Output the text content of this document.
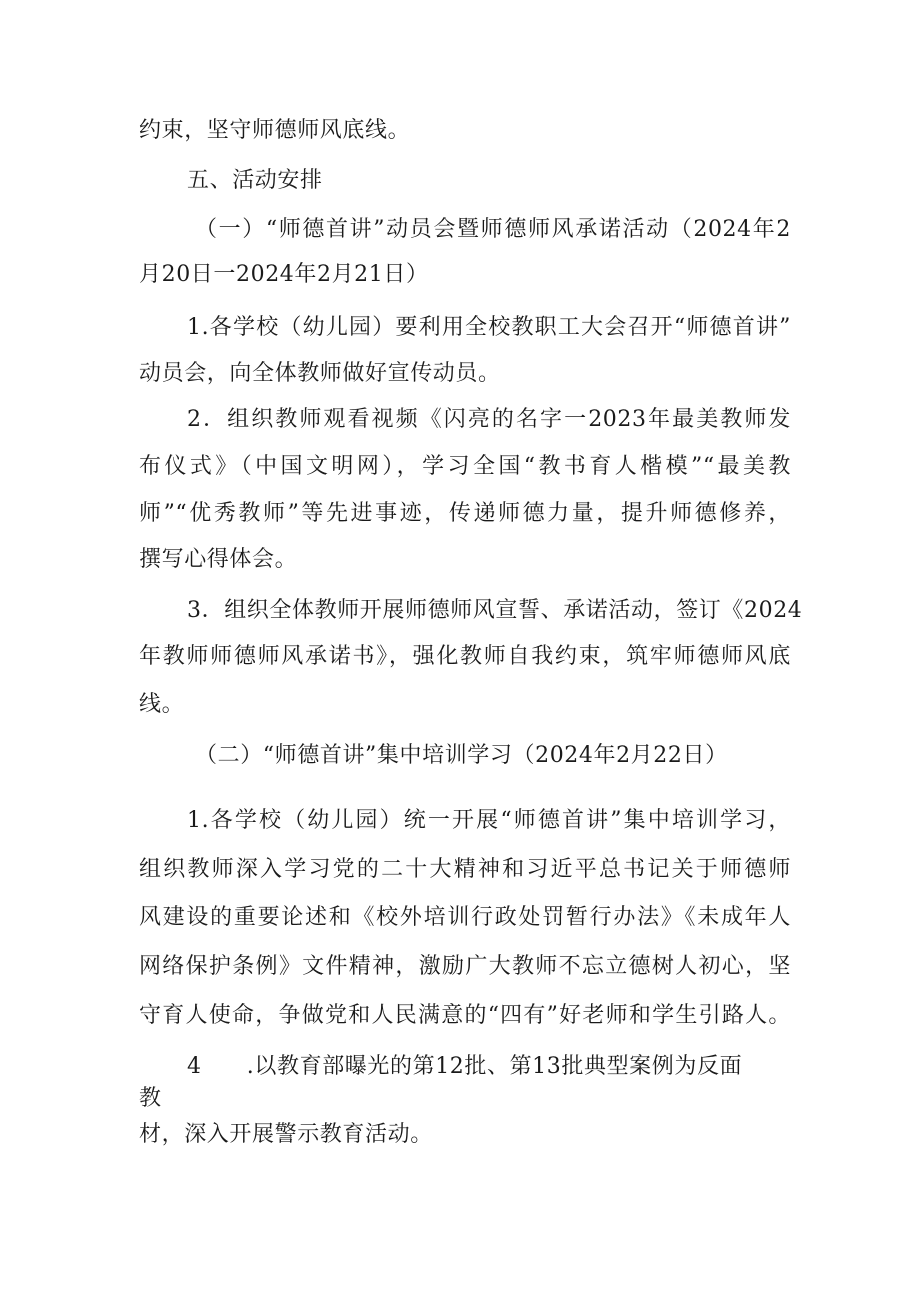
约束，坚守师德师风底线。
五、活动安排
（一）“师德首讲”动员会暨师德师风承诺活动（2024年2
月20日一2024年2月21日）
1.各学校（幼儿园）要利用全校教职工大会召开“师德首讲”
动员会，向全体教师做好宣传动员。
2．组织教师观看视频《闪亮的名字一2023年最美教师发
布仪式》（中国文明网），学习全国“教书育人楷模”“最美教
师”“优秀教师”等先进事迹，传递师德力量，提升师德修养，
撰写心得体会。
3．组织全体教师开展师德师风宣誓、承诺活动，签订《2024
年教师师德师风承诺书》，强化教师自我约束，筑牢师德师风底
线。
（二）“师德首讲”集中培训学习（2024年2月22日）
1.各学校（幼儿园）统一开展“师德首讲”集中培训学习，
组织教师深入学习党的二十大精神和习近平总书记关于师德师
风建设的重要论述和《校外培训行政处罚暂行办法》《未成年人
网络保护条例》文件精神，激励广大教师不忘立德树人初心，坚
守育人使命，争做党和人民满意的“四有”好老师和学生引路人。
4　　.以教育部曝光的第12批、第13批典型案例为反面
教
材，深入开展警示教育活动。
